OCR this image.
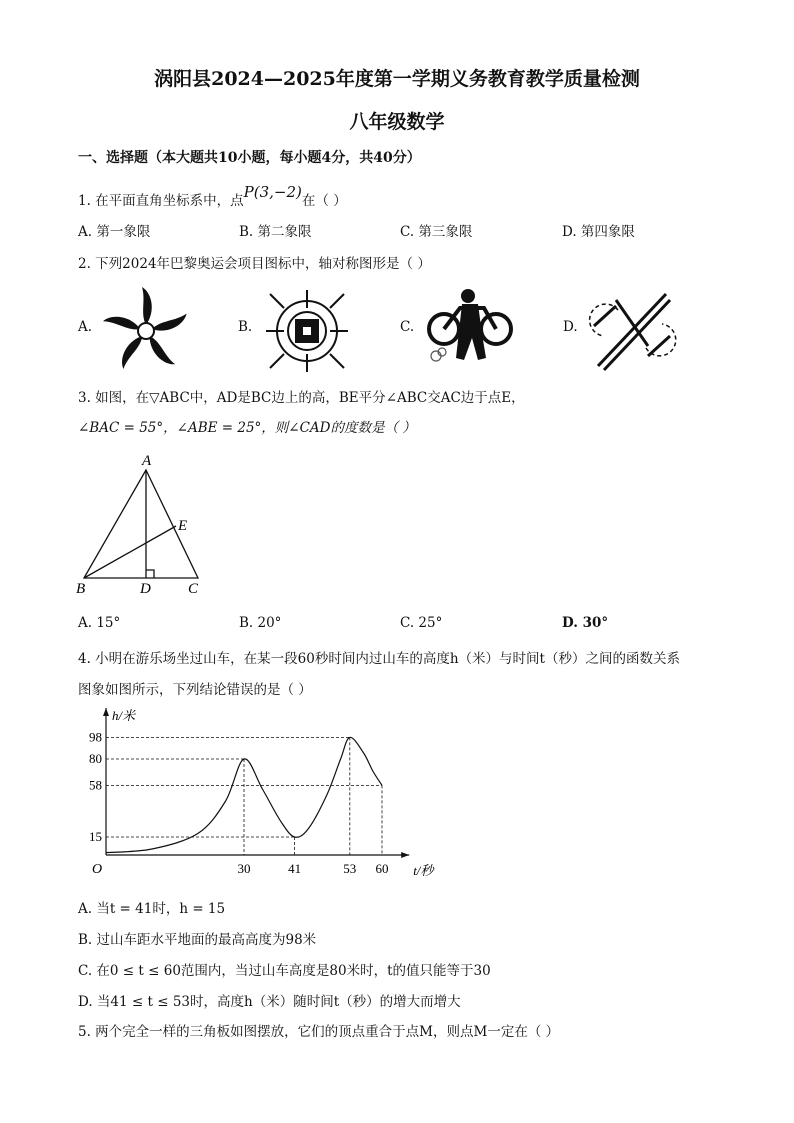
涡阳县2024—2025年度第一学期义务教育教学质量检测
八年级数学
一、选择题（本大题共10小题，每小题4分，共40分）
1. 在平面直角坐标系中，点P(3,−2)在（ ）
A. 第一象限	B. 第二象限	C. 第三象限	D. 第四象限
2. 下列2024年巴黎奥运会项目图标中，轴对称图形是（ ）
A.	B.	C.	D.
3. 如图，在▽ABC中，AD是BC边上的高，BE平分∠ABC交AC边于点E，
∠BAC = 55°，∠ABE = 25°，则∠CAD的度数是（ ）
A
B	C
D
E
A. 15°	B. 20°	C. 25°	D. 30°
4. 小明在游乐场坐过山车，在某一段60秒时间内过山车的高度h（米）与时间t（秒）之间的函数关系
图象如图所示，下列结论错误的是（ ）
15
58
80
98
30	41	53 60
O	t/秒
h/米
A. 当t = 41时，h = 15
B. 过山车距水平地面的最高高度为98米
C. 在0 ≤ t ≤ 60范围内，当过山车高度是80米时，t的值只能等于30
D. 当41 ≤ t ≤ 53时，高度h（米）随时间t（秒）的增大而增大
5. 两个完全一样的三角板如图摆放，它们的顶点重合于点M，则点M一定在（ ）
